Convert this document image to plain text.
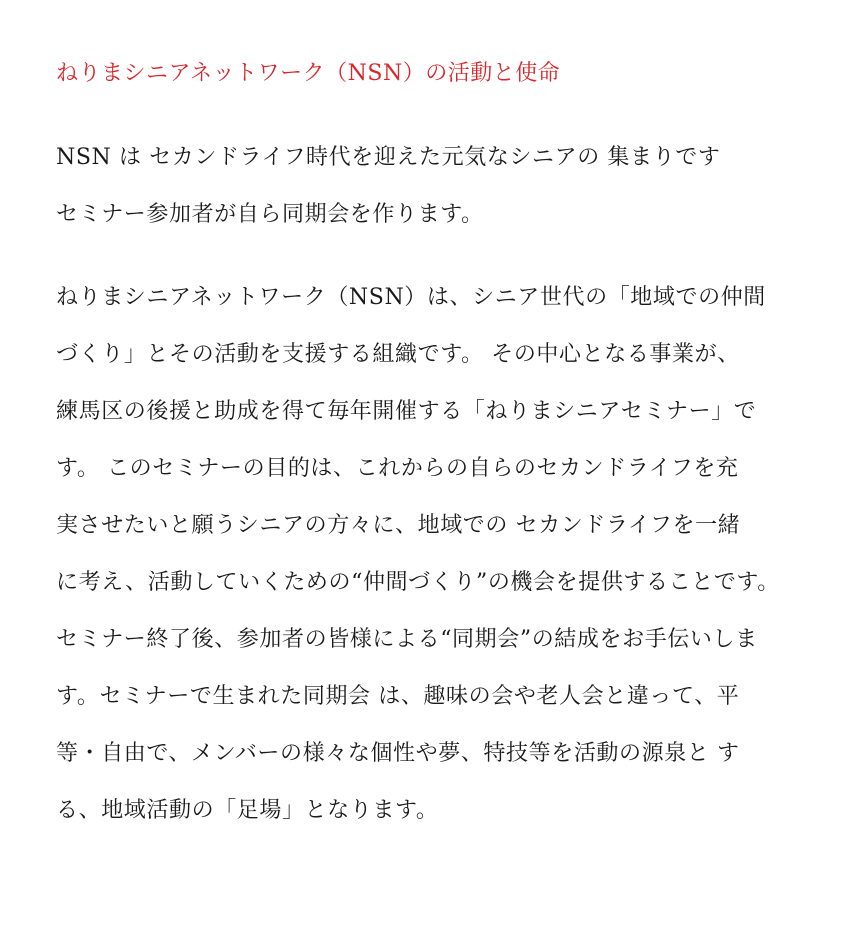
ねりまシニアネットワーク（NSN）の活動と使命
NSN は セカンドライフ時代を迎えた元気なシニアの 集まりです
セミナー参加者が自ら同期会を作ります。
ねりまシニアネットワーク（NSN）は、シニア世代の「地域での仲間
づくり」とその活動を支援する組織です。 その中心となる事業が、
練馬区の後援と助成を得て毎年開催する「ねりまシニアセミナー」で
す。 このセミナーの目的は、これからの自らのセカンドライフを充
実させたいと願うシニアの方々に、地域での セカンドライフを一緒
に考え、活動していくための“仲間づくり”の機会を提供することです。
セミナー終了後、参加者の皆様による“同期会”の結成をお手伝いしま
す。セミナーで生まれた同期会 は、趣味の会や老人会と違って、平
等・自由で、メンバーの様々な個性や夢、特技等を活動の源泉と す
る、地域活動の「足場」となります。
